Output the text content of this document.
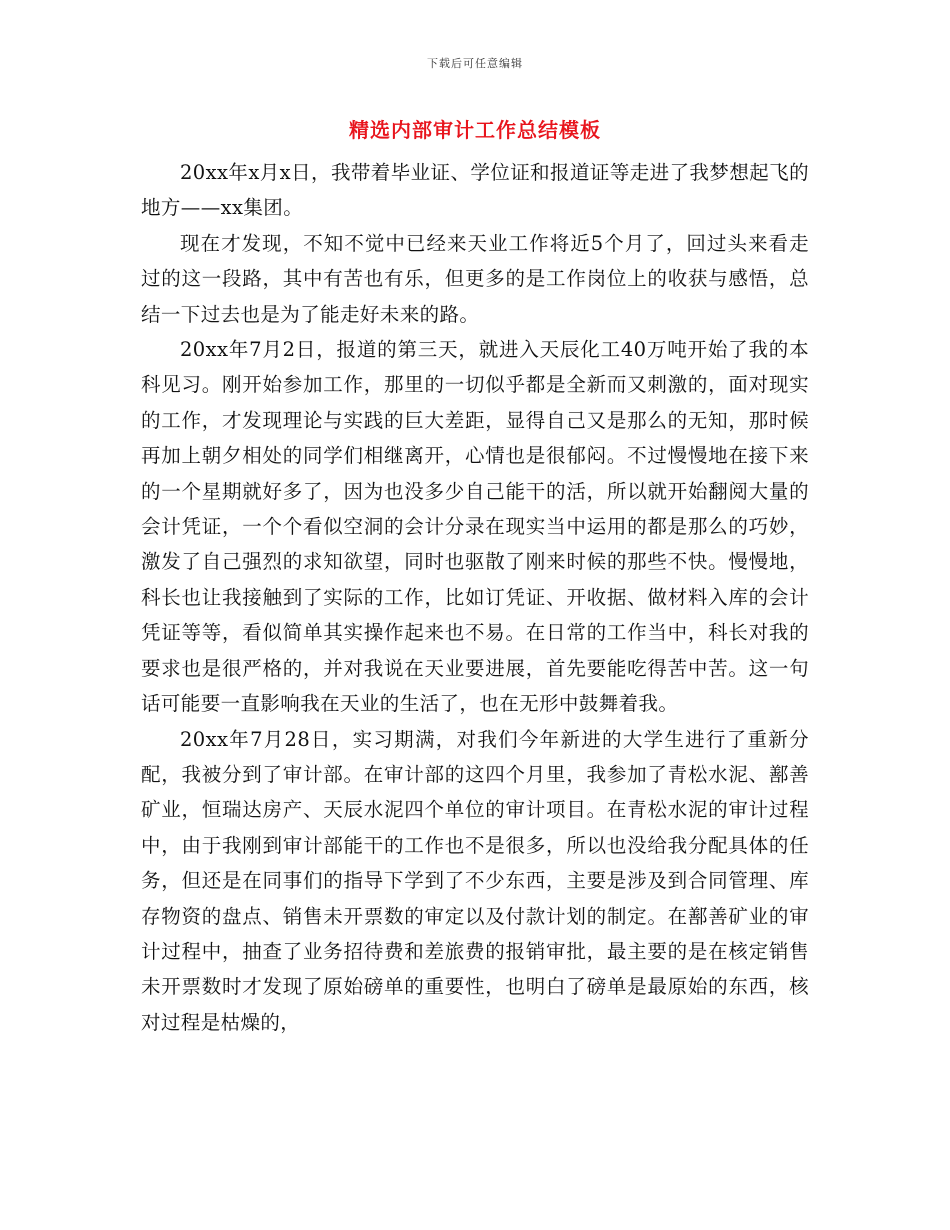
下载后可任意编辑
精选内部审计工作总结模板

20xx年x月x日，我带着毕业证、学位证和报道证等走进了我梦想起飞的地方——xx集团。

现在才发现，不知不觉中已经来天业工作将近5个月了，回过头来看走过的这一段路，其中有苦也有乐，但更多的是工作岗位上的收获与感悟，总结一下过去也是为了能走好未来的路。

20xx年7月2日，报道的第三天，就进入天辰化工40万吨开始了我的本科见习。刚开始参加工作，那里的一切似乎都是全新而又刺激的，面对现实的工作，才发现理论与实践的巨大差距，显得自己又是那么的无知，那时候再加上朝夕相处的同学们相继离开，心情也是很郁闷。不过慢慢地在接下来的一个星期就好多了，因为也没多少自己能干的活，所以就开始翻阅大量的会计凭证，一个个看似空洞的会计分录在现实当中运用的都是那么的巧妙，激发了自己强烈的求知欲望，同时也驱散了刚来时候的那些不快。慢慢地，科长也让我接触到了实际的工作，比如订凭证、开收据、做材料入库的会计凭证等等，看似简单其实操作起来也不易。在日常的工作当中，科长对我的要求也是很严格的，并对我说在天业要进展，首先要能吃得苦中苦。这一句话可能要一直影响我在天业的生活了，也在无形中鼓舞着我。

20xx年7月28日，实习期满，对我们今年新进的大学生进行了重新分配，我被分到了审计部。在审计部的这四个月里，我参加了青松水泥、鄯善矿业，恒瑞达房产、天辰水泥四个单位的审计项目。在青松水泥的审计过程中，由于我刚到审计部能干的工作也不是很多，所以也没给我分配具体的任务，但还是在同事们的指导下学到了不少东西，主要是涉及到合同管理、库存物资的盘点、销售未开票数的审定以及付款计划的制定。在鄯善矿业的审计过程中，抽查了业务招待费和差旅费的报销审批，最主要的是在核定销售未开票数时才发现了原始磅单的重要性，也明白了磅单是最原始的东西，核对过程是枯燥的，
